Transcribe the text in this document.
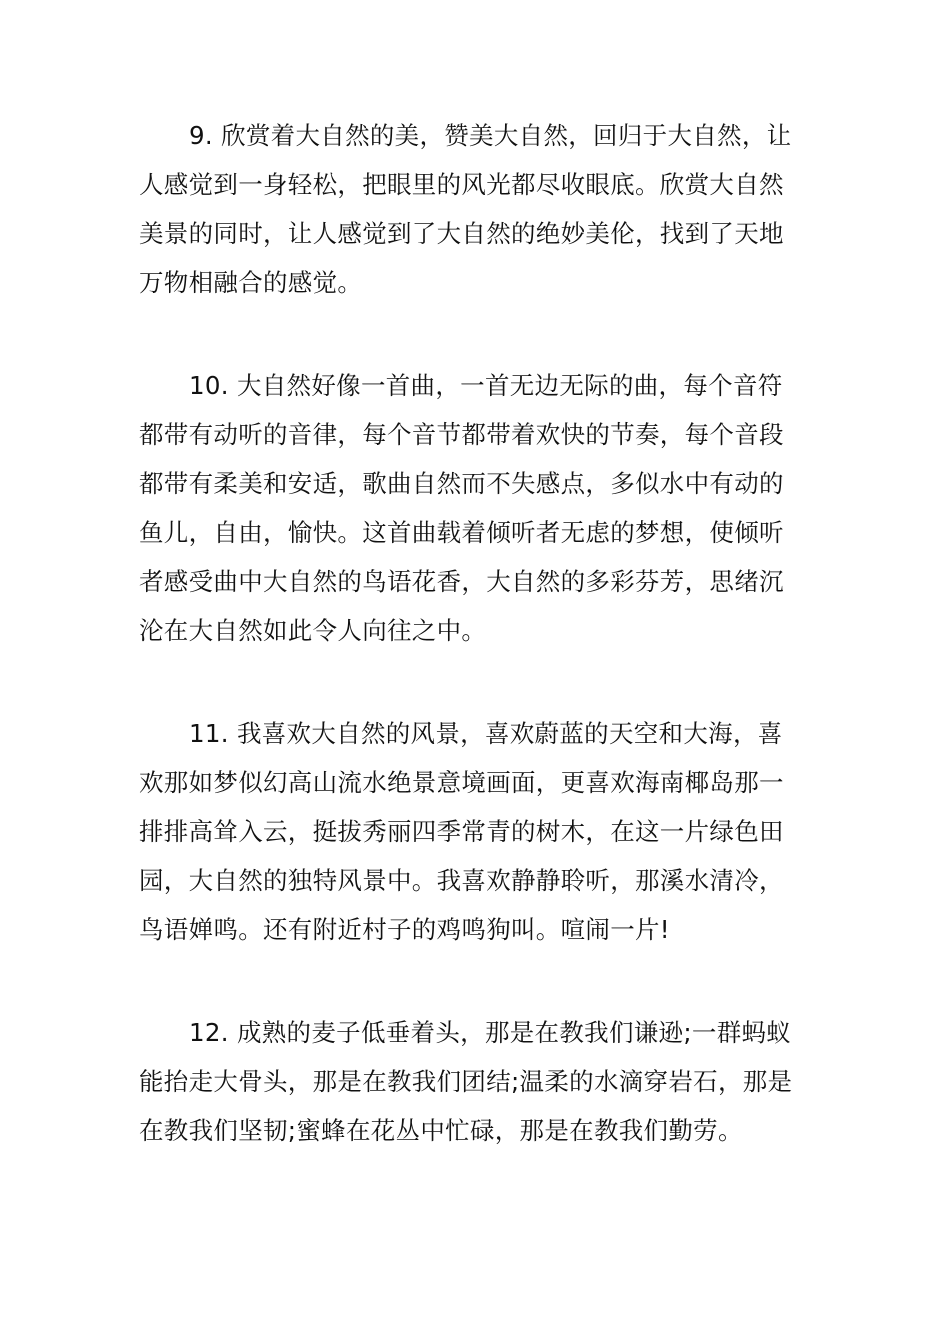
9. 欣赏着大自然的美，赞美大自然，回归于大自然，让
人感觉到一身轻松，把眼里的风光都尽收眼底。欣赏大自然
美景的同时，让人感觉到了大自然的绝妙美伦，找到了天地
万物相融合的感觉。
10. 大自然好像一首曲，一首无边无际的曲，每个音符
都带有动听的音律，每个音节都带着欢快的节奏，每个音段
都带有柔美和安适，歌曲自然而不失感点，多似水中有动的
鱼儿，自由，愉快。这首曲载着倾听者无虑的梦想，使倾听
者感受曲中大自然的鸟语花香，大自然的多彩芬芳，思绪沉
沦在大自然如此令人向往之中。
11. 我喜欢大自然的风景，喜欢蔚蓝的天空和大海，喜
欢那如梦似幻高山流水绝景意境画面，更喜欢海南椰岛那一
排排高耸入云，挺拔秀丽四季常青的树木，在这一片绿色田
园，大自然的独特风景中。我喜欢静静聆听，那溪水清冷，
鸟语婵鸣。还有附近村子的鸡鸣狗叫。喧闹一片!
12. 成熟的麦子低垂着头，那是在教我们谦逊;一群蚂蚁
能抬走大骨头，那是在教我们团结;温柔的水滴穿岩石，那是
在教我们坚韧;蜜蜂在花丛中忙碌，那是在教我们勤劳。
